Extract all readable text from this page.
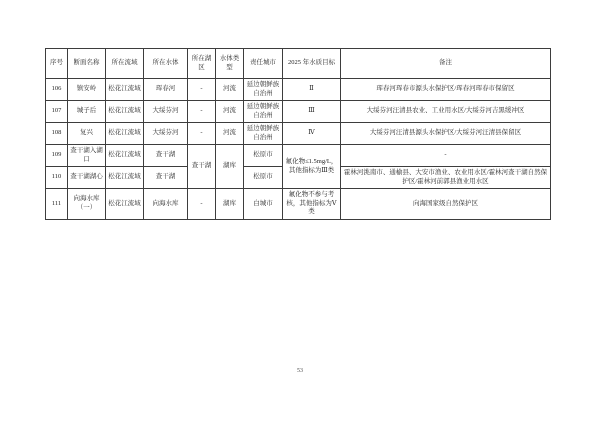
序号	断面名称	所在流域	所在水体	所在湖区	水体类型	责任城市	2025 年水质目标	备注
106	镇安岭	松花江流域	珲春河	-	河流	延边朝鲜族自治州	Ⅱ	珲春河珲春市源头水保护区/珲春河珲春市保留区
107	城子后	松花江流域	大绥芬河	-	河流	延边朝鲜族自治州	Ⅲ	大绥芬河汪清县农业、工业用水区/大绥芬河吉黑缓冲区
108	复兴	松花江流域	大绥芬河	-	河流	延边朝鲜族自治州	Ⅳ	大绥芬河汪清县源头水保护区/大绥芬河汪清县保留区
109	查干湖入湖口	松花江流域	查干湖	查干湖	湖库	松原市	氟化物≤1.5mg/L，其他指标为Ⅲ类	-
110	查干湖湖心	松花江流域	查干湖			松原市		霍林河洮南市、通榆县、大安市渔业、农业用水区/霍林河查干湖自然保护区/霍林河前郭县渔业用水区
111	向海水库（一）	松花江流域	向海水库	-	湖库	白城市	氟化物不参与考核，其他指标为Ⅴ类	向海国家级自然保护区
53
